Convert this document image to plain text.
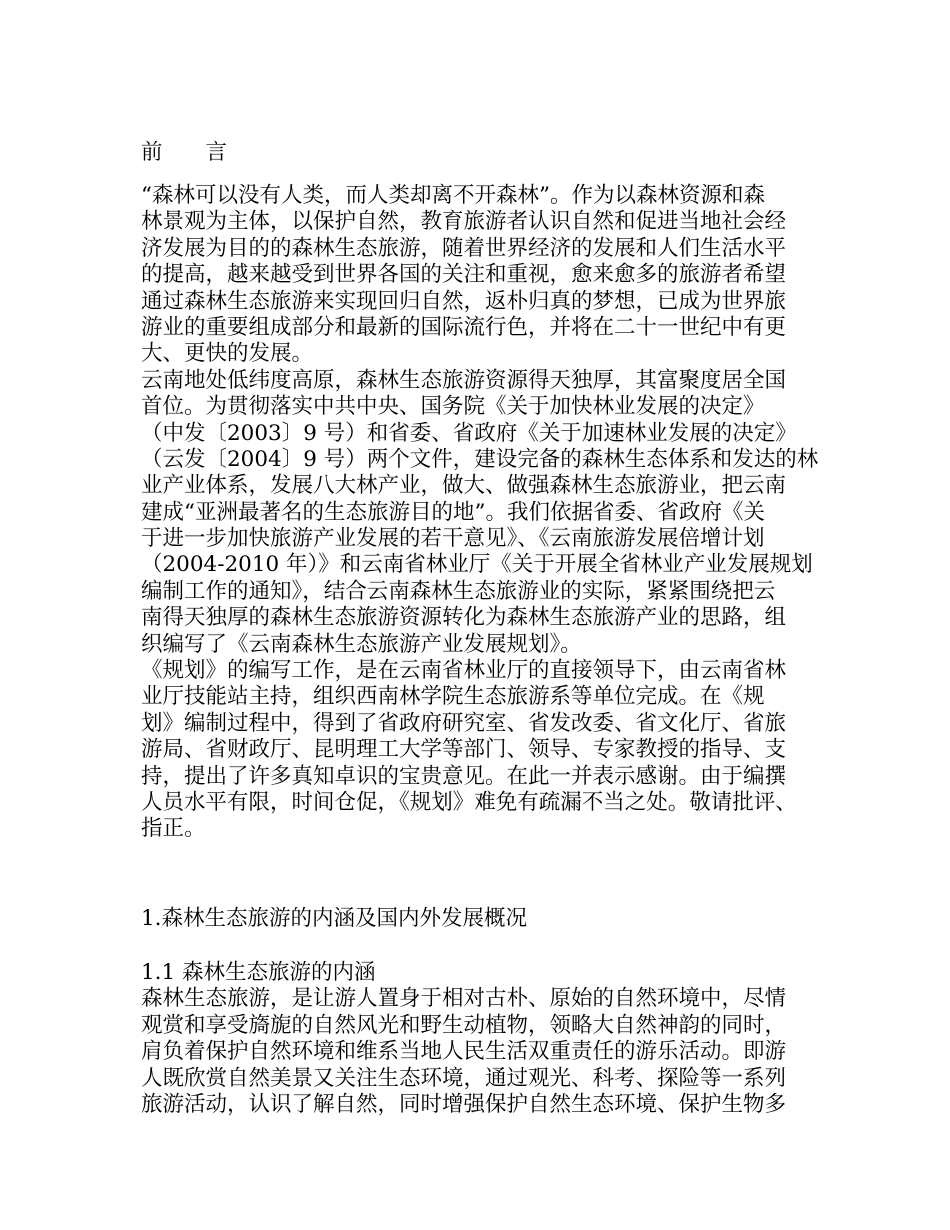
前　　言
“森林可以没有人类，而人类却离不开森林”。作为以森林资源和森
林景观为主体，以保护自然，教育旅游者认识自然和促进当地社会经
济发展为目的的森林生态旅游，随着世界经济的发展和人们生活水平
的提高，越来越受到世界各国的关注和重视，愈来愈多的旅游者希望
通过森林生态旅游来实现回归自然，返朴归真的梦想，已成为世界旅
游业的重要组成部分和最新的国际流行色，并将在二十一世纪中有更
大、更快的发展。
云南地处低纬度高原，森林生态旅游资源得天独厚，其富聚度居全国
首位。为贯彻落实中共中央、国务院《关于加快林业发展的决定》
（中发〔2003〕9 号）和省委、省政府《关于加速林业发展的决定》
（云发〔2004〕9 号）两个文件，建设完备的森林生态体系和发达的林
业产业体系，发展八大林产业，做大、做强森林生态旅游业，把云南
建成“亚洲最著名的生态旅游目的地”。我们依据省委、省政府《关
于进一步加快旅游产业发展的若干意见》、《云南旅游发展倍增计划
（2004-2010 年）》和云南省林业厅《关于开展全省林业产业发展规划
编制工作的通知》，结合云南森林生态旅游业的实际，紧紧围绕把云
南得天独厚的森林生态旅游资源转化为森林生态旅游产业的思路，组
织编写了《云南森林生态旅游产业发展规划》。
《规划》的编写工作，是在云南省林业厅的直接领导下，由云南省林
业厅技能站主持，组织西南林学院生态旅游系等单位完成。在《规
划》编制过程中，得到了省政府研究室、省发改委、省文化厅、省旅
游局、省财政厅、昆明理工大学等部门、领导、专家教授的指导、支
持，提出了许多真知卓识的宝贵意见。在此一并表示感谢。由于编撰
人员水平有限，时间仓促，《规划》难免有疏漏不当之处。敬请批评、
指正。
1.森林生态旅游的内涵及国内外发展概况
1.1 森林生态旅游的内涵
森林生态旅游，是让游人置身于相对古朴、原始的自然环境中，尽情
观赏和享受旖旎的自然风光和野生动植物，领略大自然神韵的同时，
肩负着保护自然环境和维系当地人民生活双重责任的游乐活动。即游
人既欣赏自然美景又关注生态环境，通过观光、科考、探险等一系列
旅游活动，认识了解自然，同时增强保护自然生态环境、保护生物多
